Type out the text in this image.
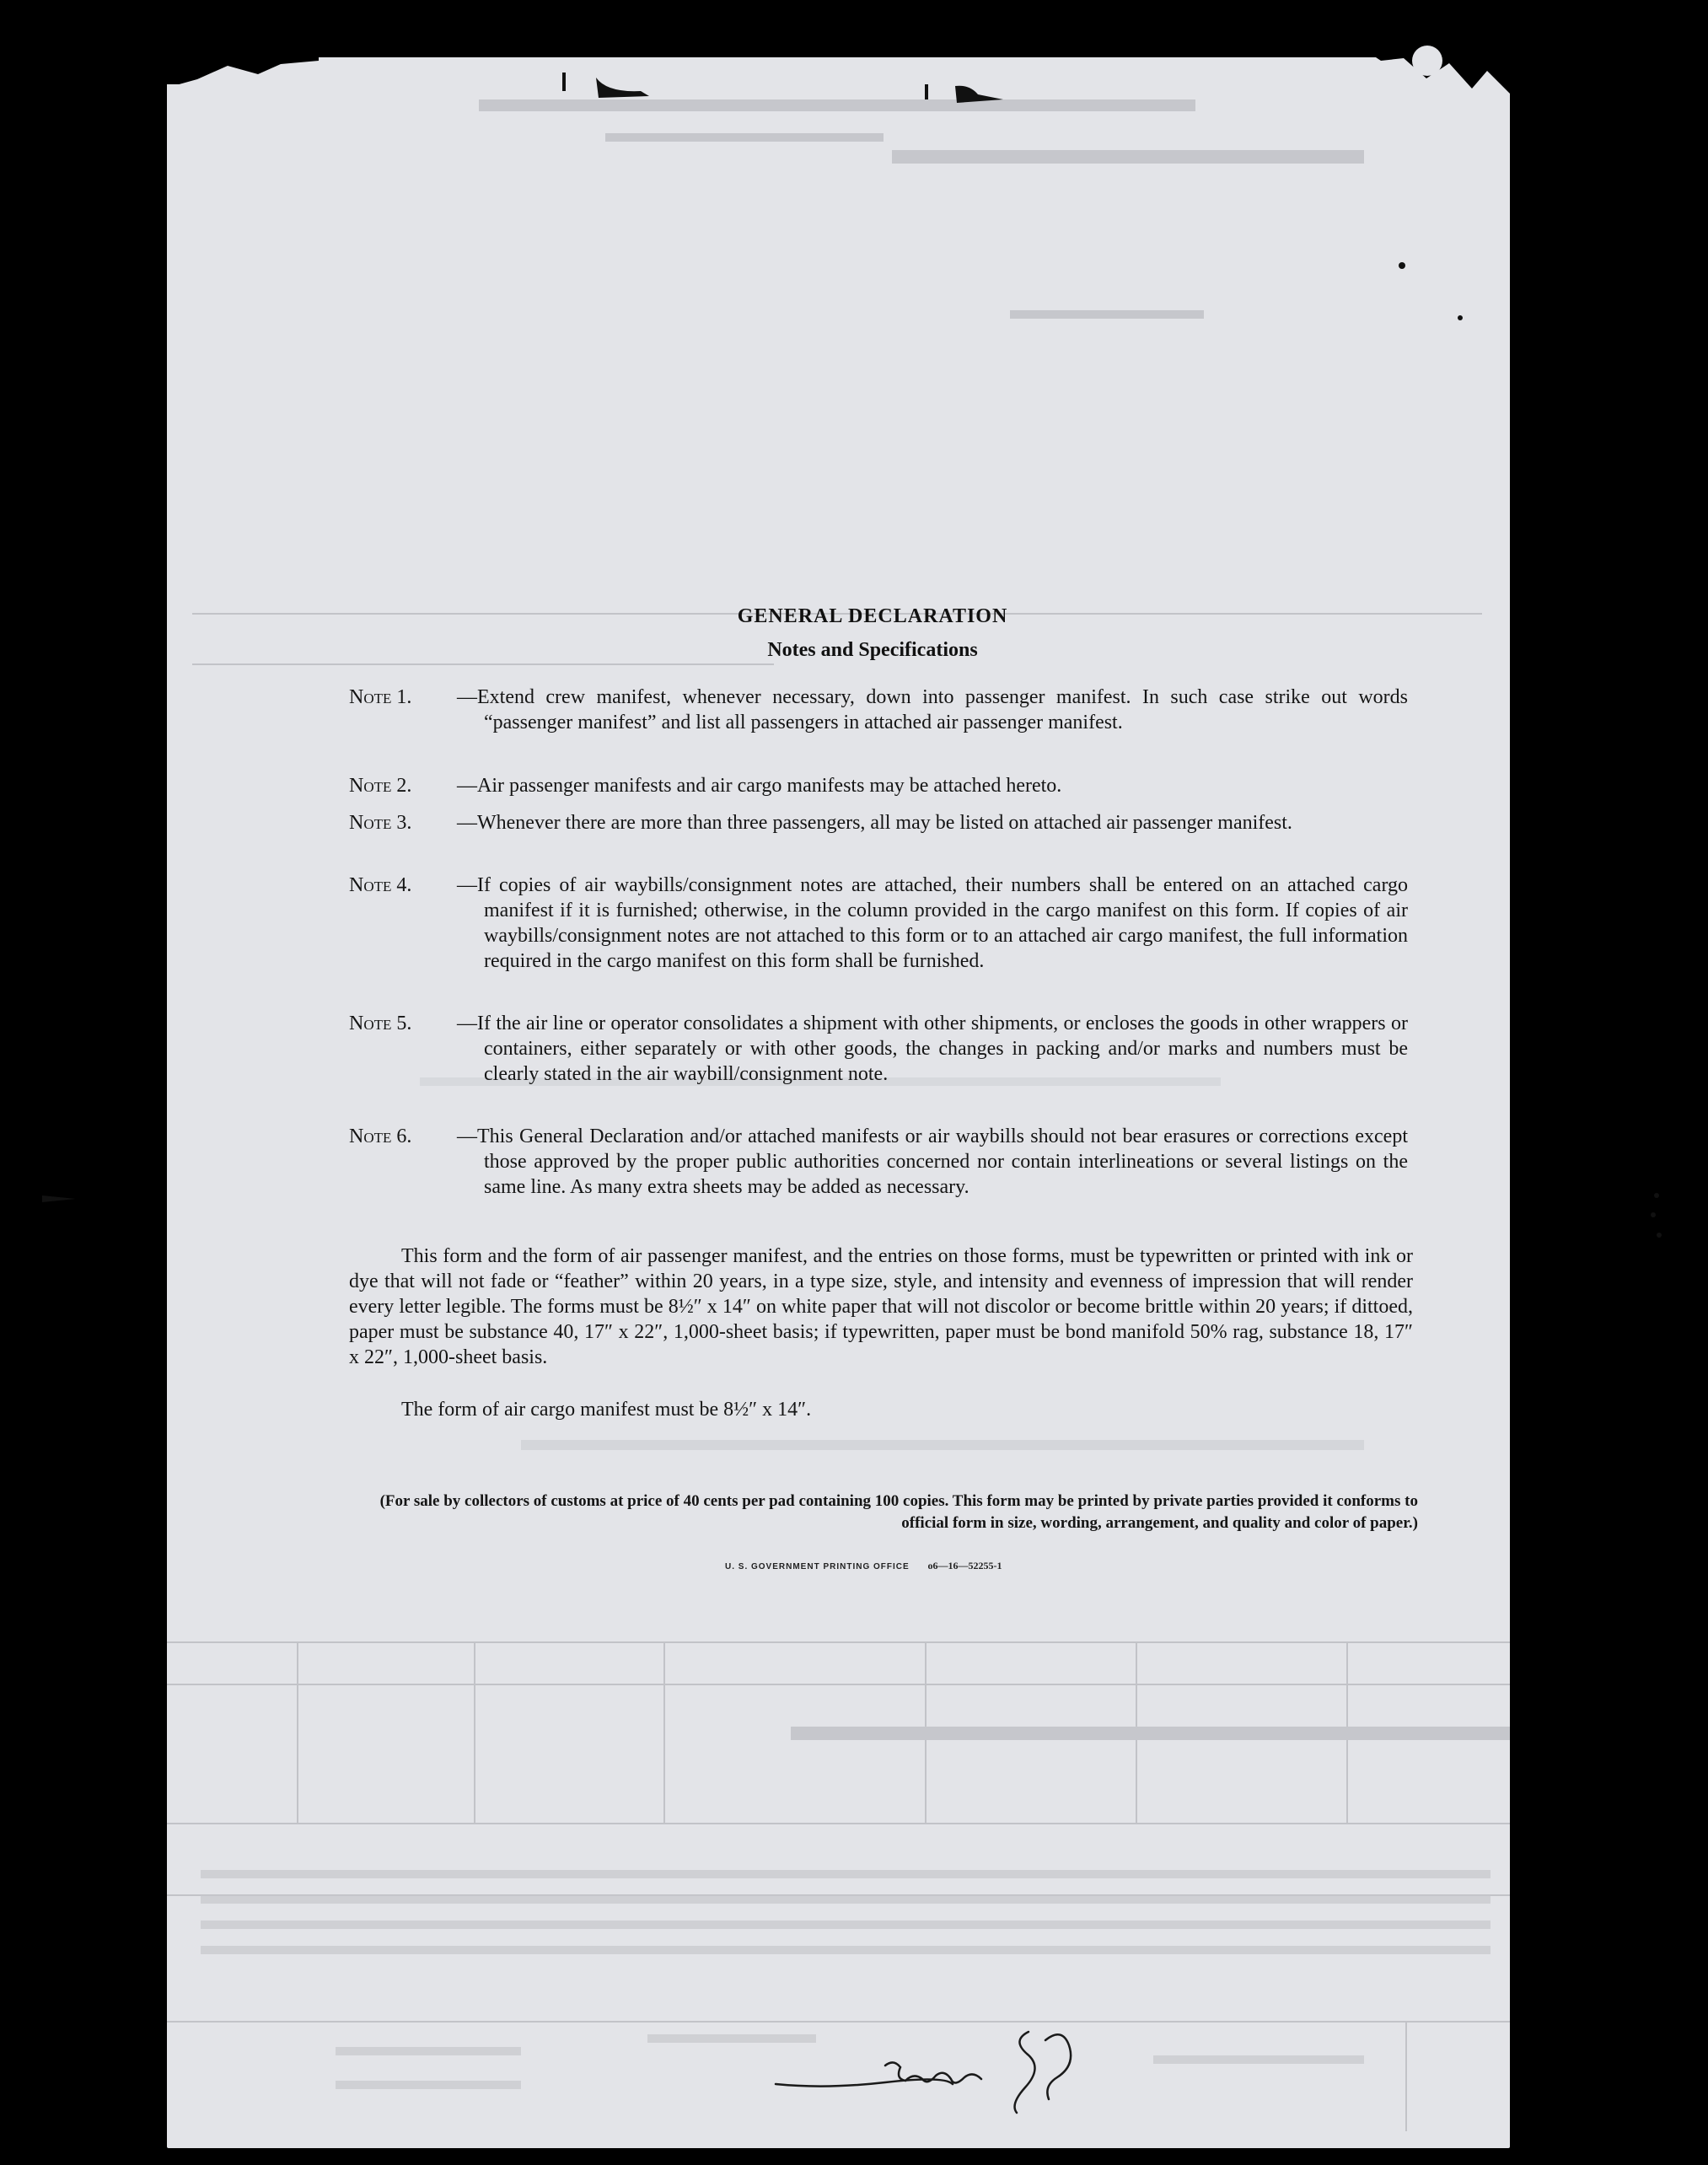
GENERAL DECLARATION
Notes and Specifications
Note 1.	—Extend crew manifest, whenever necessary, down into passenger manifest. In such case strike out words “passenger manifest” and list all passengers in attached air passenger manifest.
Note 2.	—Air passenger manifests and air cargo manifests may be attached hereto.
Note 3.	—Whenever there are more than three passengers, all may be listed on attached air passenger manifest.
Note 4.	—If copies of air waybills/consignment notes are attached, their numbers shall be entered on an attached cargo manifest if it is furnished; otherwise, in the column provided in the cargo manifest on this form. If copies of air waybills/consignment notes are not attached to this form or to an attached air cargo manifest, the full information required in the cargo manifest on this form shall be furnished.
Note 5.	—If the air line or operator consolidates a shipment with other shipments, or encloses the goods in other wrappers or containers, either separately or with other goods, the changes in packing and/or marks and numbers must be clearly stated in the air waybill/consignment note.
Note 6.	—This General Declaration and/or attached manifests or air waybills should not bear erasures or corrections except those approved by the proper public authorities concerned nor contain interlineations or several listings on the same line. As many extra sheets may be added as necessary.

This form and the form of air passenger manifest, and the entries on those forms, must be typewritten or printed with ink or dye that will not fade or “feather” within 20 years, in a type size, style, and intensity and evenness of impression that will render every letter legible. The forms must be 8½″ x 14″ on white paper that will not discolor or become brittle within 20 years; if dittoed, paper must be substance 40, 17″ x 22″, 1,000-sheet basis; if typewritten, paper must be bond manifold 50% rag, substance 18, 17″ x 22″, 1,000-sheet basis.

The form of air cargo manifest must be 8½″ x 14″.

(For sale by collectors of customs at price of 40 cents per pad containing 100 copies. This form may be printed by private parties provided it conforms to official form in size, wording, arrangement, and quality and color of paper.)

U. S. GOVERNMENT PRINTING OFFICE o6—16—52255-1
